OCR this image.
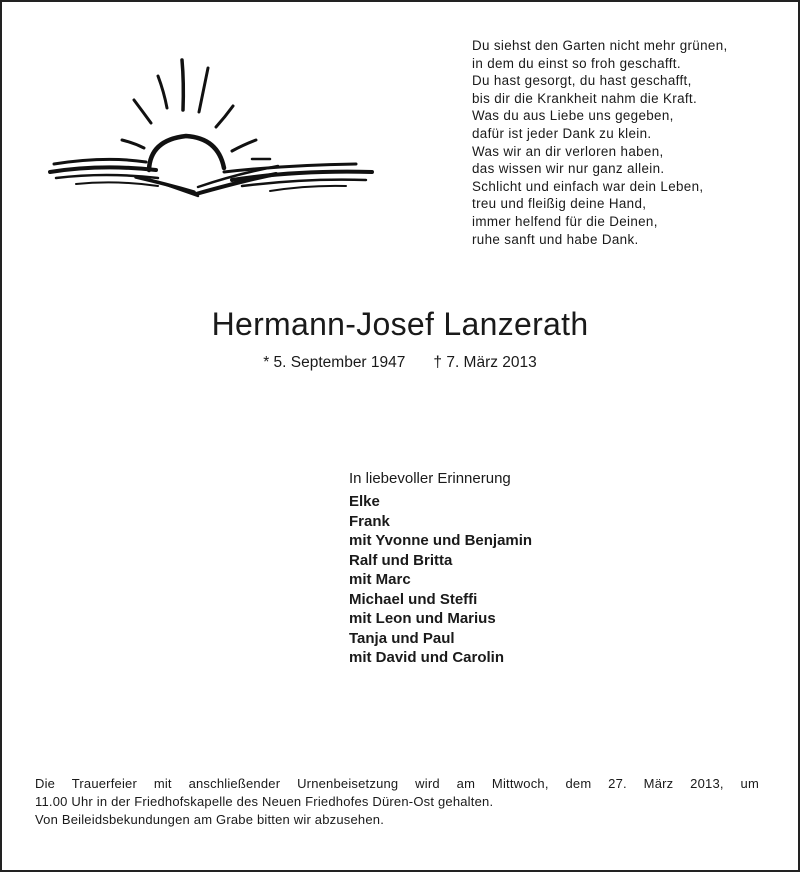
Du siehst den Garten nicht mehr grünen,
in dem du einst so froh geschafft.
Du hast gesorgt, du hast geschafft,
bis dir die Krankheit nahm die Kraft.
Was du aus Liebe uns gegeben,
dafür ist jeder Dank zu klein.
Was wir an dir verloren haben,
das wissen wir nur ganz allein.
Schlicht und einfach war dein Leben,
treu und fleißig deine Hand,
immer helfend für die Deinen,
ruhe sanft und habe Dank.
Hermann-Josef Lanzerath
* 5. September 1947 † 7. März 2013
In liebevoller Erinnerung
Elke
Frank
mit Yvonne und Benjamin
Ralf und Britta
mit Marc
Michael und Steffi
mit Leon und Marius
Tanja und Paul
mit David und Carolin
Die Trauerfeier mit anschließender Urnenbeisetzung wird am Mittwoch, dem 27. März 2013, um
11.00 Uhr in der Friedhofskapelle des Neuen Friedhofes Düren-Ost gehalten.
Von Beileidsbekundungen am Grabe bitten wir abzusehen.
